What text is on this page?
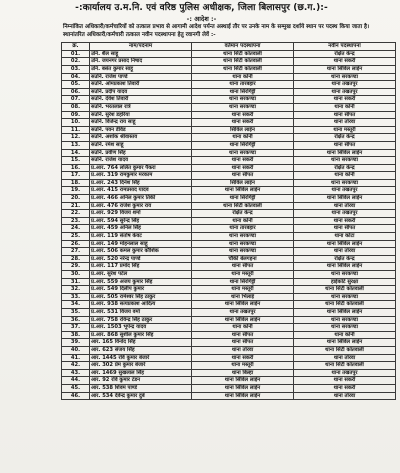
-:कार्यालय उ.म.नि. एवं वरिष्ठ पुलिस अधीक्षक, जिला बिलासपुर (छ.ग.):-
-: आदेश :-
निम्नांकित अधिकारी/कर्मचारियों को तत्काल प्रभाव से आगामी आदेश पर्यन्त अस्थाई तौर पर उनके नाम के सम्मुख दर्शाये स्थान पर पदस्थ किया जाता है। स्थानांतरित अधिकारी/कर्मचारी तत्काल नवीन पदस्थापना हेतु रवानगी लेवें :-
क्र.	नाम/पदनाम	वर्तमान पदस्थापना	नवीन पदस्थापना
01.	उनि. शैल साहू	थाना सिटी कोतवाली	रक्षित केन्द्र
02.	उनि. जयनगर प्रसाद निषाद	थाना सिटी कोतवाली	थाना सकरी
03.	उनि. बसंत कुमार साहू	थाना सिटी कोतवाली	थाना सिविल लाईन
04.	सउनि. राजेश पाण्डे	थाना कोनी	थाना सरकण्डा
05.	सउनि. ओमप्रकाश तिवारी	थाना तारबहार	थाना तखतपुर
06.	सउनि. प्रदीप यादव	थाना सिरगिट्टी	थाना तखतपुर
07.	सउनि. देवेश तिवारी	थाना सरकण्डा	थाना सकरी
08.	सउनि. भरतलाल रात्रे	थाना सरकण्डा	थाना कोनी
09.	सउनि. सुरेश डहरिया	थाना सकरी	थाना सीपत
10.	सउनि. विजेन्द्र राय साहू	थाना सकरी	थाना तोरवा
11.	सउनि. पवन डेविड	सिविल लाईन	थाना मस्तूरी
12.	सउनि. अशोक श्रीवास्तव	थाना कोनी	रक्षित केन्द्र
13.	सउनि. रमेश साहू	थाना सिरगिट्टी	थाना सीपत
14.	सउनि. प्रवीण सिंह	थाना सरकण्डा	थाना सिविल लाईन
15.	सउनि. राजेश यादव	थाना सकरी	थाना सरकण्डा
16.	प्र.आर. 764 ललित कुमार पैकरा	थाना सकरी	रक्षित केन्द्र
17.	प्र.आर. 319 रामकुमार मरकाम	थाना सीपत	थाना कोनी
18.	प्र.आर. 243 दिनेश सिंह	सिविल लाईन	थाना सरकण्डा
19.	प्र.आर. 415 रामप्रसाद यादव	थाना सिविल लाईन	थाना तखतपुर
20.	प्र.आर. 466 अनिल कुमार तिर्की	थाना सिरगिट्टी	थाना सिविल लाईन
21.	प्र.आर. 476 राजेश कुमार राव	थाना सिटी कोतवाली	थाना तोरवा
22.	प्र.आर. 929 विजय शर्मा	रक्षित केन्द्र	थाना तखतपुर
23.	प्र.आर. 594 सुरेन्द्र सिंह	थाना कोनी	थाना सकरी
24.	प्र.आर. 459 अनिल सिंह	थाना तारबहार	थाना सीपत
25.	प्र.आर. 119 संतोष केवट	थाना सरकण्डा	थाना कोटा
26.	प्र.आर. 149 मोहनलाल साहू	थाना सरकण्डा	थाना सिविल लाईन
27.	प्र.आर. 506 कमल कुमार कौशिक	थाना सरकण्डा	थाना तोरवा
28.	प्र.आर. 520 नरेन्द्र पाण्डे	चौकी बेलगहना	रक्षित केन्द्र
29.	प्र.आर. 117 प्रमोद सिंह	थाना सीपत	थाना सिविल लाईन
30.	प्र.आर. सुरेश पटेल	थाना मस्तूरी	थाना सरकण्डा
31.	प्र.आर. 559 अजय कुमार सिंह	थाना सिरगिट्टी	हाईकोर्ट सुरक्षा
32.	प्र.आर. 549 दिलीप कुमार	थाना मस्तूरी	थाना सिटी कोतवाली
33.	प्र.आर. 505 रामेश्वर सिंह ठाकुर	थाना भिलाई	थाना सरकण्डा
34.	प्र.आर. 938 सत्यप्रकाश आदित्य	थाना सिविल लाईन	थाना सिटी कोतवाली
35.	प्र.आर. 531 विजय वर्मा	थाना तखतपुर	थाना सिविल लाईन
36.	प्र.आर. 758 रविन्द्र सिंह ठाकुर	थाना सिविल लाईन	थाना सरकण्डा
37.	प्र.आर. 1503 भूपेन्द्र यादव	थाना कोनी	थाना सरकण्डा
38.	प्र.आर. 868 सुशील कुमार सिंह	थाना सीपत	थाना कोनी
39.	आर. 165 विनोद सिंह	थाना सीपत	थाना सिविल लाईन
40.	आर. 623 संजय सिंह	थाना तोरवा	थाना सिटी कोतवाली
41.	आर. 1445 रवि कुमार बंजारे	थाना सकरी	थाना तोरवा
42.	आर. 302 प्रेम कुमार बंजारे	थाना मस्तूरी	थाना सिटी कोतवाली
43.	आर. 1469 सुखलाल सिंह	थाना बिल्हा	थाना तखतपुर
44.	आर. 92 रवि कुमार टंडन	थाना सिविल लाईन	थाना सकरी
45.	आर. 538 शिवम पाण्डे	थाना सिविल लाईन	थाना सकरी
46.	आर. 534 देवेन्द्र कुमार दुबे	थाना सिविल लाईन	थाना तोरवा
